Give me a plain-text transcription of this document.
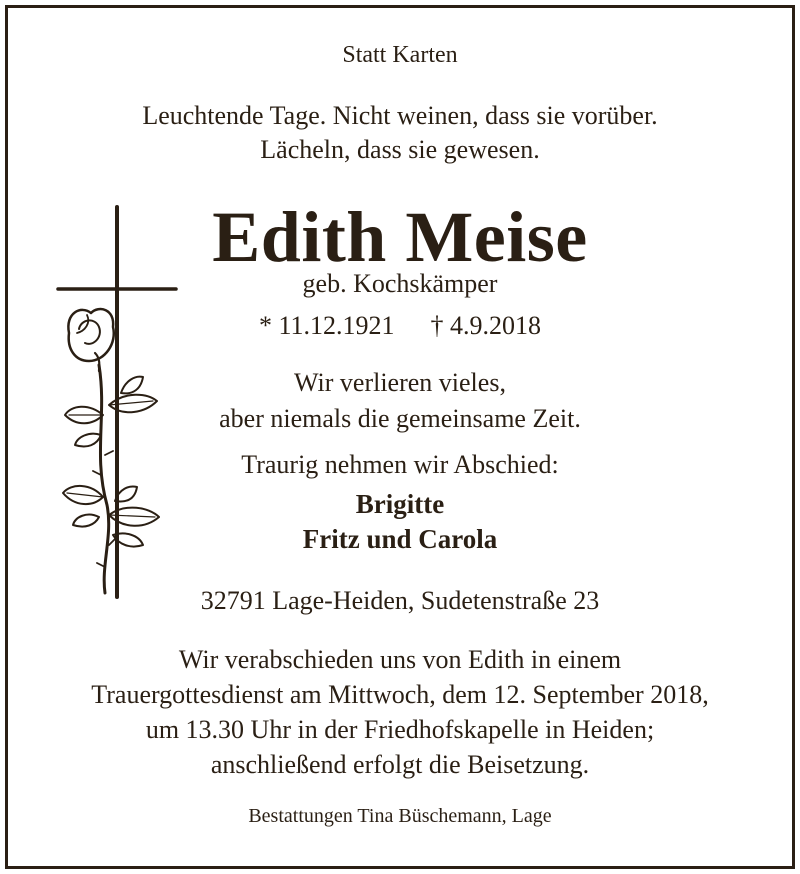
Statt Karten
Leuchtende Tage. Nicht weinen, dass sie vorüber.
Lächeln, dass sie gewesen.
Edith Meise
geb. Kochskämper
* 11.12.1921 † 4.9.2018
Wir verlieren vieles,
aber niemals die gemeinsame Zeit.
Traurig nehmen wir Abschied:
Brigitte
Fritz und Carola
32791 Lage-Heiden, Sudetenstraße 23
Wir verabschieden uns von Edith in einem
Trauergottesdienst am Mittwoch, dem 12. September 2018,
um 13.30 Uhr in der Friedhofskapelle in Heiden;
anschließend erfolgt die Beisetzung.
Bestattungen Tina Büschemann, Lage
